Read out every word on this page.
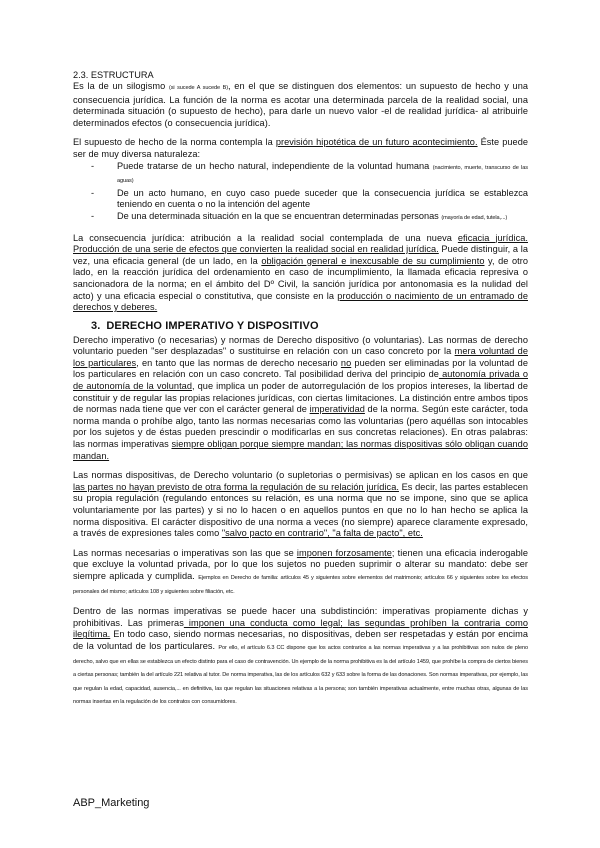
2.3. ESTRUCTURA

Es la de un silogismo (si sucede A sucede B), en el que se distinguen dos elementos: un supuesto de hecho y una consecuencia jurídica. La función de la norma es acotar una determinada parcela de la realidad social, una determinada situación (o supuesto de hecho), para darle un nuevo valor -el de realidad jurídica- al atribuirle determinados efectos (o consecuencia jurídica).

El supuesto de hecho de la norma contempla la previsión hipotética de un futuro acontecimiento. Éste puede ser de muy diversa naturaleza:

- Puede tratarse de un hecho natural, independiente de la voluntad humana (nacimiento, muerte, transcurso de las aguas)
- De un acto humano, en cuyo caso puede suceder que la consecuencia jurídica se establezca teniendo en cuenta o no la intención del agente
- De una determinada situación en la que se encuentran determinadas personas (mayoría de edad, tutela,...)

La consecuencia jurídica: atribución a la realidad social contemplada de una nueva eficacia jurídica. Producción de una serie de efectos que convierten la realidad social en realidad jurídica. Puede distinguir, a la vez, una eficacia general (de un lado, en la obligación general e inexcusable de su cumplimiento y, de otro lado, en la reacción jurídica del ordenamiento en caso de incumplimiento, la llamada eficacia represiva o sancionadora de la norma; en el ámbito del Dº Civil, la sanción jurídica por antonomasia es la nulidad del acto) y una eficacia especial o constitutiva, que consiste en la producción o nacimiento de un entramado de derechos y deberes.

3. DERECHO IMPERATIVO Y DISPOSITIVO

Derecho imperativo (o necesarias) y normas de Derecho dispositivo (o voluntarias). Las normas de derecho voluntario pueden "ser desplazadas" o sustituirse en relación con un caso concreto por la mera voluntad de los particulares, en tanto que las normas de derecho necesario no pueden ser eliminadas por la voluntad de los particulares en relación con un caso concreto. Tal posibilidad deriva del principio de autonomía privada o de autonomía de la voluntad, que implica un poder de autorregulación de los propios intereses, la libertad de constituir y de regular las propias relaciones jurídicas, con ciertas limitaciones. La distinción entre ambos tipos de normas nada tiene que ver con el carácter general de imperatividad de la norma. Según este carácter, toda norma manda o prohíbe algo, tanto las normas necesarias como las voluntarias (pero aquéllas son intocables por los sujetos y de éstas pueden prescindir o modificarlas en sus concretas relaciones). En otras palabras: las normas imperativas siempre obligan porque siempre mandan; las normas dispositivas sólo obligan cuando mandan.

Las normas dispositivas, de Derecho voluntario (o supletorias o permisivas) se aplican en los casos en que las partes no hayan previsto de otra forma la regulación de su relación jurídica. Es decir, las partes establecen su propia regulación (regulando entonces su relación, es una norma que no se impone, sino que se aplica voluntariamente por las partes) y si no lo hacen o en aquellos puntos en que no lo han hecho se aplica la norma dispositiva. El carácter dispositivo de una norma a veces (no siempre) aparece claramente expresado, a través de expresiones tales como "salvo pacto en contrario", "a falta de pacto", etc.

Las normas necesarias o imperativas son las que se imponen forzosamente; tienen una eficacia inderogable que excluye la voluntad privada, por lo que los sujetos no pueden suprimir o alterar su mandato: debe ser siempre aplicada y cumplida. Ejemplos en Derecho de familia: artículos 45 y siguientes sobre elementos del matrimonio; artículos 66 y siguientes sobre los efectos personales del mismo; artículos 108 y siguientes sobre filiación, etc.

Dentro de las normas imperativas se puede hacer una subdistinción: imperativas propiamente dichas y prohibitivas. Las primeras imponen una conducta como legal; las segundas prohíben la contraria como ilegítima. En todo caso, siendo normas necesarias, no dispositivas, deben ser respetadas y están por encima de la voluntad de los particulares. Por ello, el artículo 6.3 CC dispone que los actos contrarios a las normas imperativas y a las prohibitivas son nulos de pleno derecho, salvo que en ellas se establezca un efecto distinto para el caso de contravención. Un ejemplo de la norma prohibitiva es la del artículo 1459, que prohíbe la compra de ciertos bienes a ciertas personas; también la del artículo 221 relativa al tutor. De norma imperativa, las de los artículos 632 y 633 sobre la forma de las donaciones. Son normas imperativas, por ejemplo, las que regulan la edad, capacidad, ausencia,... en definitiva, las que regulan las situaciones relativas a la persona; son también imperativas actualmente, entre muchas otras, algunas de las normas insertas en la regulación de los contratos con consumidores.

ABP_Marketing
